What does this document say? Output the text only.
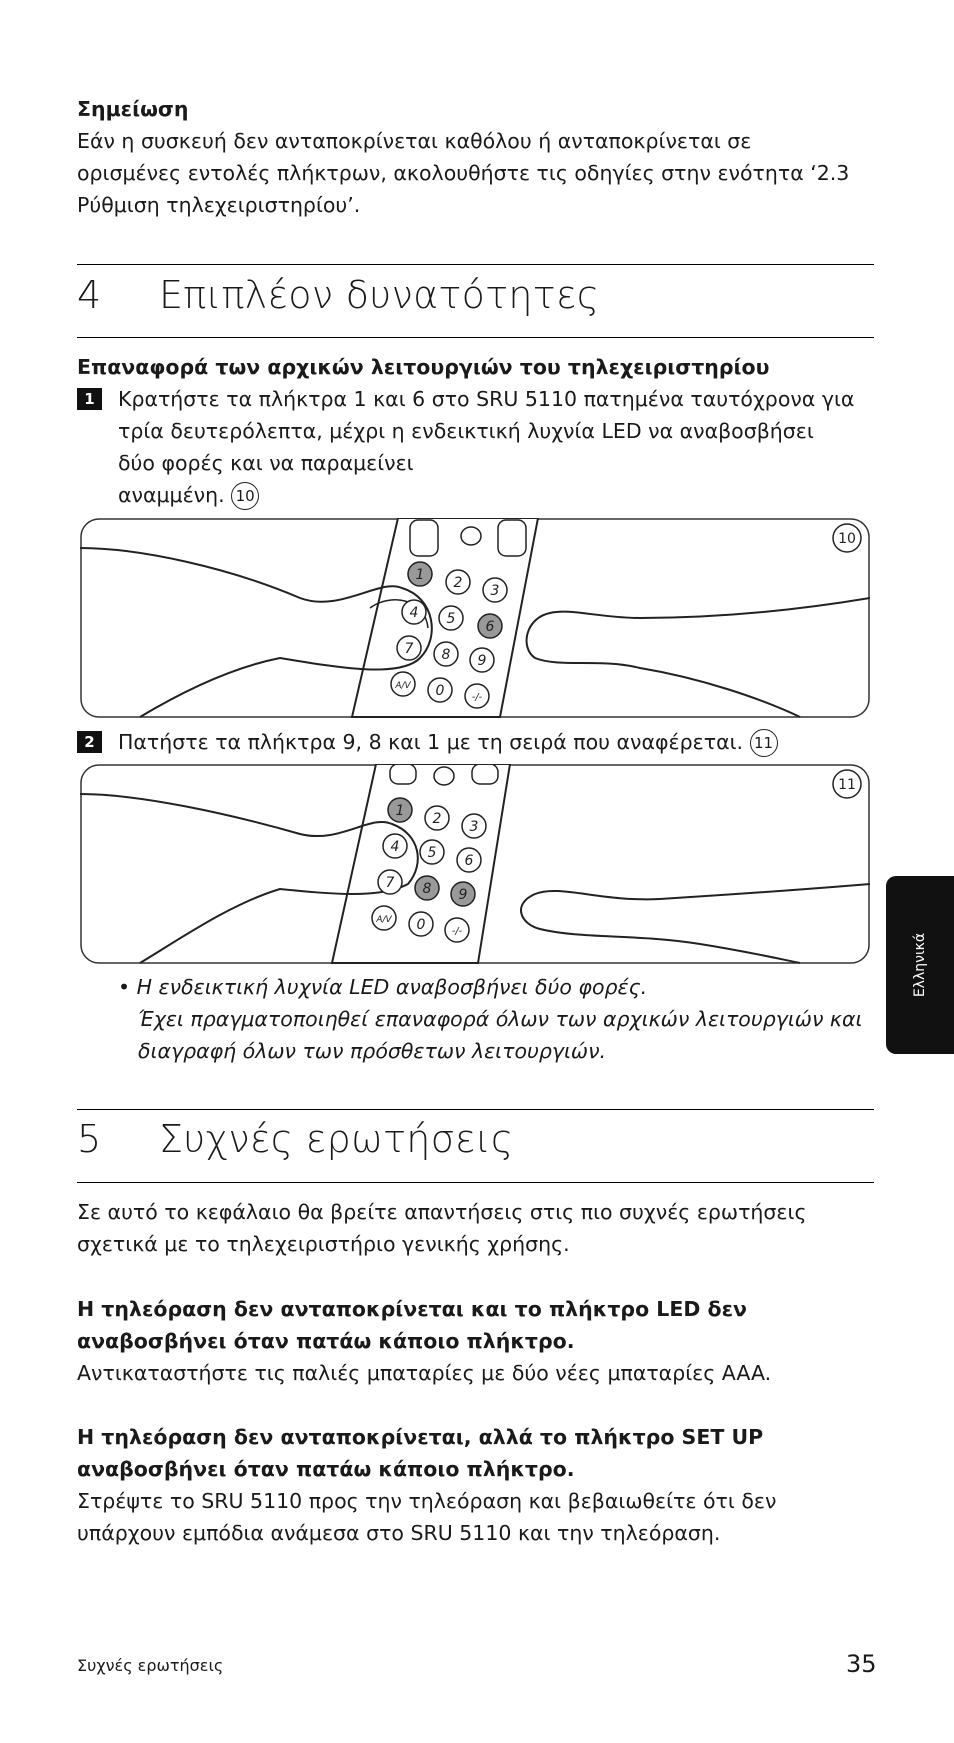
Σημείωση
Εάν η συσκευή δεν ανταποκρίνεται καθόλου ή ανταποκρίνεται σε
ορισμένες εντολές πλήκτρων, ακολουθήστε τις οδηγίες στην ενότητα ‘2.3
Ρύθμιση τηλεχειριστηρίου’.
4 Επιπλέον δυνατότητες
Επαναφορά των αρχικών λειτουργιών του τηλεχειριστηρίου
1	Κρατήστε τα πλήκτρα 1 και 6 στο SRU 5110 πατημένα ταυτόχρονα για
τρία δευτερόλεπτα, μέχρι η ενδεικτική λυχνία LED να αναβοσβήσει
δύο φορές και να παραμείνει
αναμμένη. 10
1 2 3
4 5 6
7 8 9
A/V 0	-/-
10
2	Πατήστε τα πλήκτρα 9, 8 και 1 με τη σειρά που αναφέρεται. 11
1 2 3
4 5 6
7 8 9
A/V 0	-/-
11
• Η ενδεικτική λυχνία LED αναβοσβήνει δύο φορές.
Έχει πραγματοποιηθεί επαναφορά όλων των αρχικών λειτουργιών και
διαγραφή όλων των πρόσθετων λειτουργιών.
5 Συχνές ερωτήσεις
Σε αυτό το κεφάλαιο θα βρείτε απαντήσεις στις πιο συχνές ερωτήσεις
σχετικά με το τηλεχειριστήριο γενικής χρήσης.
Η τηλεόραση δεν ανταποκρίνεται και το πλήκτρο LED δεν
αναβοσβήνει όταν πατάω κάποιο πλήκτρο.
Αντικαταστήστε τις παλιές μπαταρίες με δύο νέες μπαταρίες AAA.
Η τηλεόραση δεν ανταποκρίνεται, αλλά το πλήκτρο SET UP
αναβοσβήνει όταν πατάω κάποιο πλήκτρο.
Στρέψτε το SRU 5110 προς την τηλεόραση και βεβαιωθείτε ότι δεν
υπάρχουν εμπόδια ανάμεσα στο SRU 5110 και την τηλεόραση.
Ελληνικά
Συχνές ερωτήσεις	35
